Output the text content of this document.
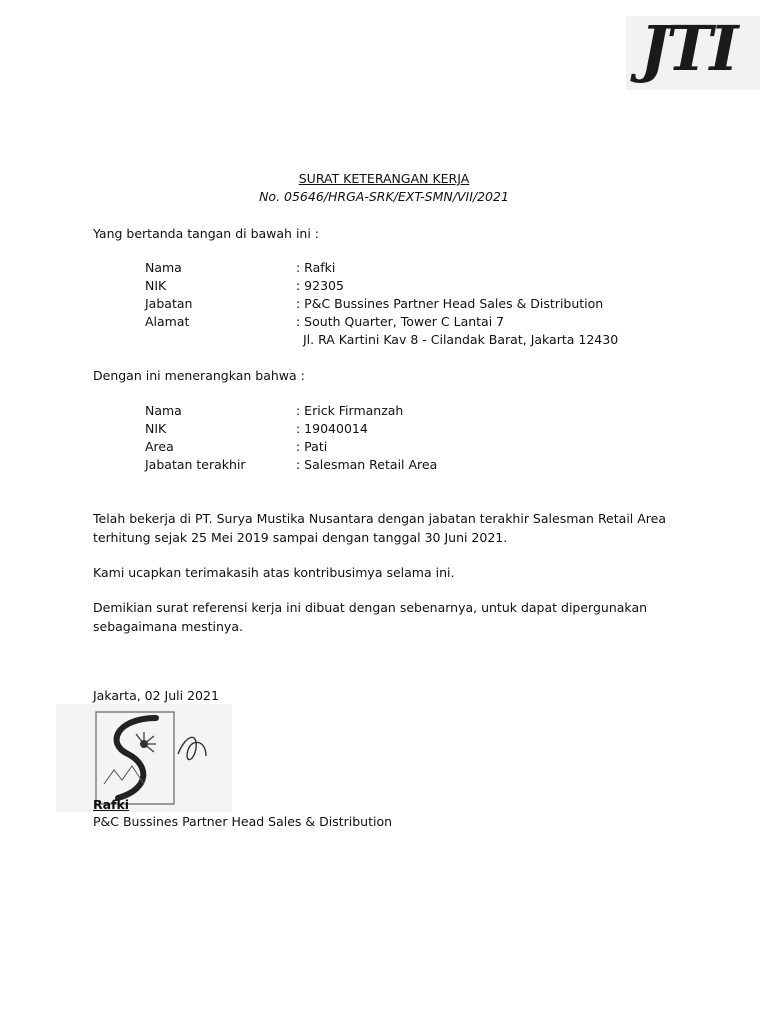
JTI
SURAT KETERANGAN KERJA
No. 05646/HRGA-SRK/EXT-SMN/VII/2021
Yang bertanda tangan di bawah ini :
Nama	: Rafki
NIK	: 92305
Jabatan	: P&C Bussines Partner Head Sales & Distribution
Alamat	: South Quarter, Tower C Lantai 7
Jl. RA Kartini Kav 8 - Cilandak Barat, Jakarta 12430
Dengan ini menerangkan bahwa :
Nama	: Erick Firmanzah
NIK	: 19040014
Area	: Pati
Jabatan terakhir	: Salesman Retail Area
Telah bekerja di PT. Surya Mustika Nusantara dengan jabatan terakhir Salesman Retail Area terhitung sejak 25 Mei 2019 sampai dengan tanggal 30 Juni 2021.
Kami ucapkan terimakasih atas kontribusimya selama ini.
Demikian surat referensi kerja ini dibuat dengan sebenarnya, untuk dapat dipergunakan sebagaimana mestinya.
Jakarta, 02 Juli 2021
Rafki
P&C Bussines Partner Head Sales & Distribution
